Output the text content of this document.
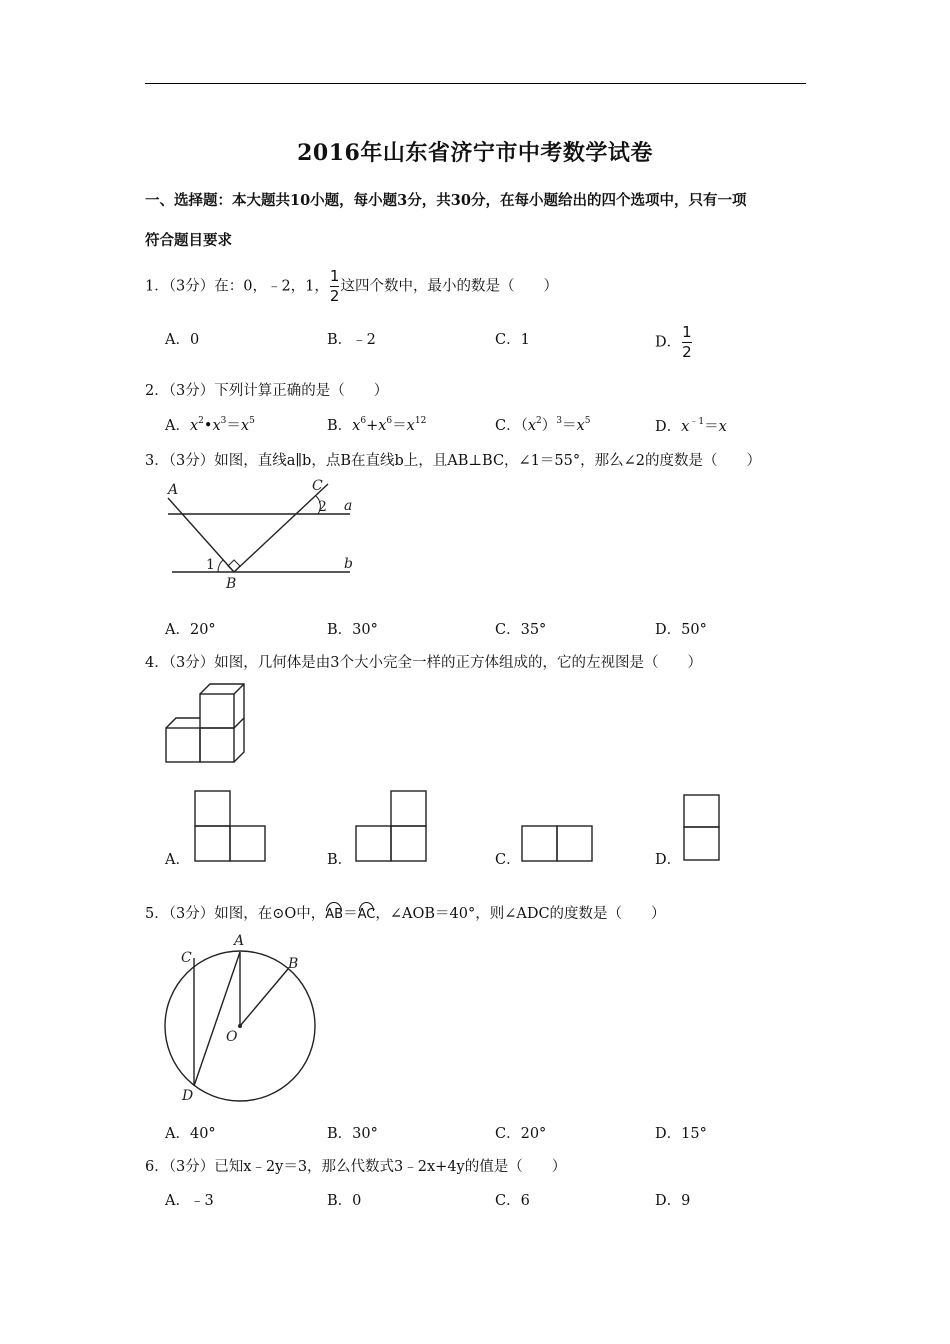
2016年山东省济宁市中考数学试卷
一、选择题：本大题共10小题，每小题3分，共30分，在每小题给出的四个选项中，只有一项
符合题目要求
1．（3分）在：0，﹣2，1， $\frac{1}{2}$ 这四个数中，最小的数是（　　）
A．0	B．﹣2	C．1	D． $\frac{1}{2}$
2．（3分）下列计算正确的是（　　）
A．$x^2•x^3=x^5$	B．$x^6+x^6=x^{12}$	C．$(x^2)^3=x^5$	D．$x^{﹣1}=x$
3．（3分）如图，直线a∥b，点B在直线b上，且AB⊥BC，∠1＝55°，那么∠2的度数是（　　）
A
B
C
a
b
1
2
A．20°	B．30°	C．35°	D．50°
4．（3分）如图，几何体是由3个大小完全一样的正方体组成的，它的左视图是（　　）
A．	B．	C．	D．
5．（3分）如图，在⊙O中，AB＝AC，∠AOB＝40°，则∠ADC的度数是（　　）
A
B
C
D
O
A．40°	B．30°	C．20°	D．15°
6．（3分）已知x﹣2y＝3，那么代数式3﹣2x+4y的值是（　　）
A．﹣3	B．0	C．6	D．9
